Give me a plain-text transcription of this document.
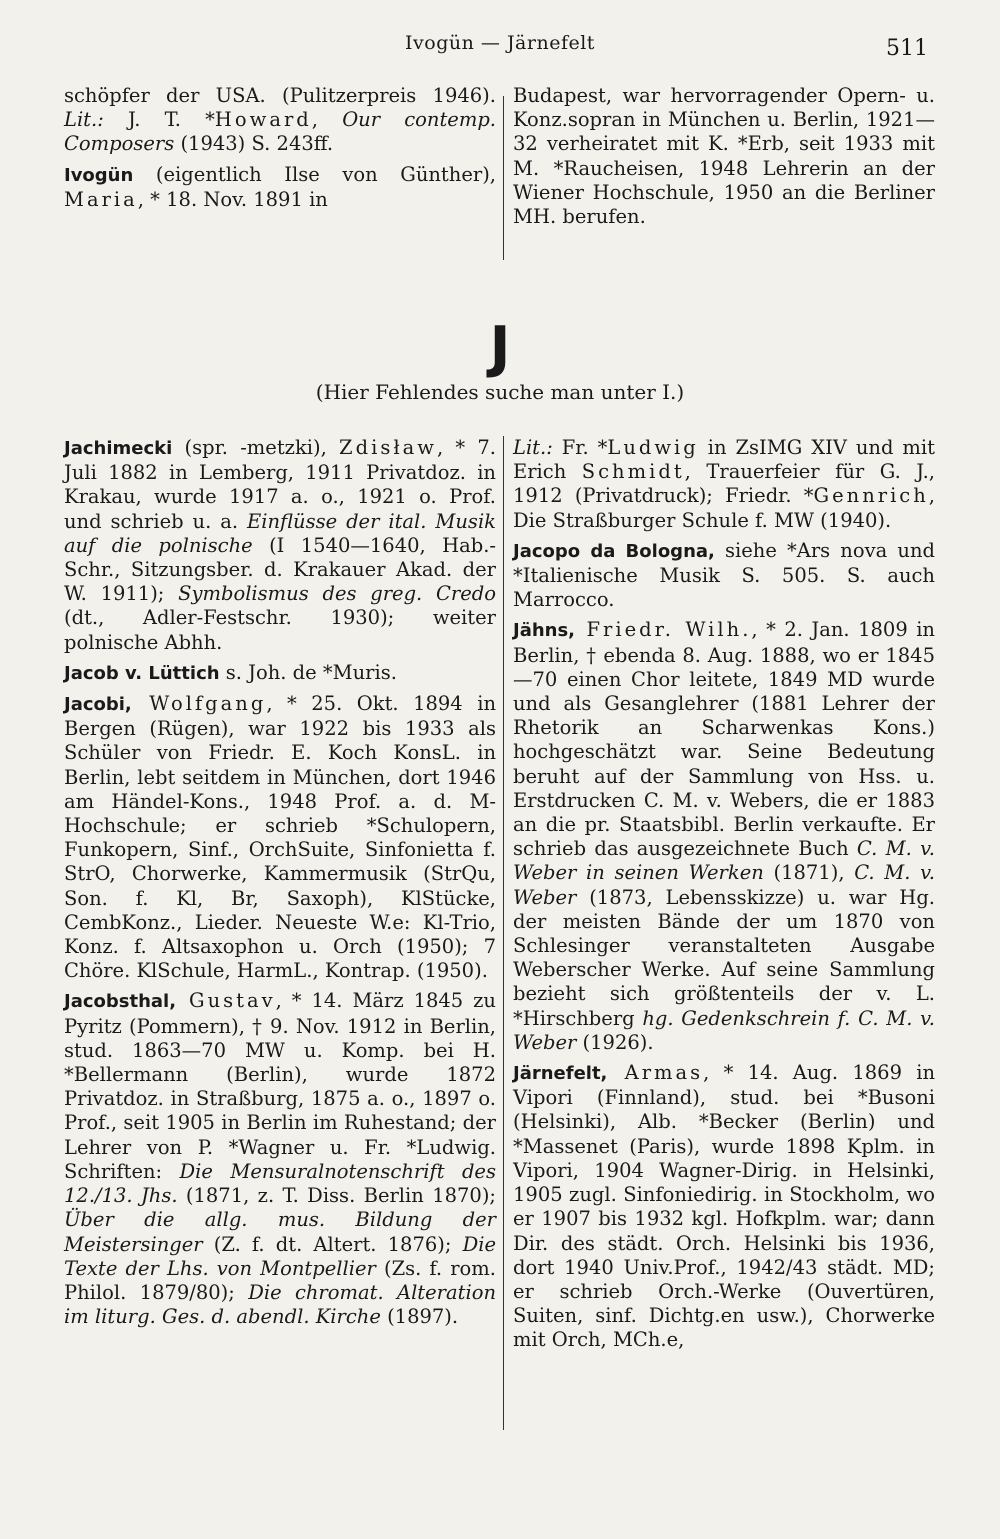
Ivogün — Järnefelt	511

schöpfer der USA. (Pulitzerpreis 1946). Lit.: J. T. *Howard, Our contemp. Composers (1943) S. 243ff.

Ivogün (eigentlich Ilse von Günther), Maria, * 18. Nov. 1891 in

Budapest, war hervorragender Opern- u. Konz.sopran in München u. Berlin, 1921—32 verheiratet mit K. *Erb, seit 1933 mit M. *Raucheisen, 1948 Lehrerin an der Wiener Hochschule, 1950 an die Berliner MH. berufen.

J
(Hier Fehlendes suche man unter I.)

Jachimecki (spr. -metzki), Zdisław, * 7. Juli 1882 in Lemberg, 1911 Privatdoz. in Krakau, wurde 1917 a. o., 1921 o. Prof. und schrieb u. a. Einflüsse der ital. Musik auf die polnische (I 1540—1640, Hab.-Schr., Sitzungsber. d. Krakauer Akad. der W. 1911); Symbolismus des greg. Credo (dt., Adler-Festschr. 1930); weiter polnische Abhh.

Jacob v. Lüttich s. Joh. de *Muris.

Jacobi, Wolfgang, * 25. Okt. 1894 in Bergen (Rügen), war 1922 bis 1933 als Schüler von Friedr. E. Koch KonsL. in Berlin, lebt seitdem in München, dort 1946 am Händel-Kons., 1948 Prof. a. d. M-Hochschule; er schrieb *Schulopern, Funkopern, Sinf., OrchSuite, Sinfonietta f. StrO, Chorwerke, Kammermusik (StrQu, Son. f. Kl, Br, Saxoph), KlStücke, CembKonz., Lieder. Neueste W.e: Kl-Trio, Konz. f. Altsaxophon u. Orch (1950); 7 Chöre. KlSchule, HarmL., Kontrap. (1950).

Jacobsthal, Gustav, * 14. März 1845 zu Pyritz (Pommern), † 9. Nov. 1912 in Berlin, stud. 1863—70 MW u. Komp. bei H. *Bellermann (Berlin), wurde 1872 Privatdoz. in Straßburg, 1875 a. o., 1897 o. Prof., seit 1905 in Berlin im Ruhestand; der Lehrer von P. *Wagner u. Fr. *Ludwig. Schriften: Die Mensuralnotenschrift des 12./13. Jhs. (1871, z. T. Diss. Berlin 1870); Über die allg. mus. Bildung der Meistersinger (Z. f. dt. Altert. 1876); Die Texte der Lhs. von Montpellier (Zs. f. rom. Philol. 1879/80); Die chromat. Alteration im liturg. Ges. d. abendl. Kirche (1897).

Lit.: Fr. *Ludwig in ZsIMG XIV und mit Erich Schmidt, Trauerfeier für G. J., 1912 (Privatdruck); Friedr. *Gennrich, Die Straßburger Schule f. MW (1940).

Jacopo da Bologna, siehe *Ars nova und *Italienische Musik S. 505. S. auch Marrocco.

Jähns, Friedr. Wilh., * 2. Jan. 1809 in Berlin, † ebenda 8. Aug. 1888, wo er 1845—70 einen Chor leitete, 1849 MD wurde und als Gesanglehrer (1881 Lehrer der Rhetorik an Scharwenkas Kons.) hochgeschätzt war. Seine Bedeutung beruht auf der Sammlung von Hss. u. Erstdrucken C. M. v. Webers, die er 1883 an die pr. Staatsbibl. Berlin verkaufte. Er schrieb das ausgezeichnete Buch C. M. v. Weber in seinen Werken (1871), C. M. v. Weber (1873, Lebensskizze) u. war Hg. der meisten Bände der um 1870 von Schlesinger veranstalteten Ausgabe Weberscher Werke. Auf seine Sammlung bezieht sich größtenteils der v. L. *Hirschberg hg. Gedenkschrein f. C. M. v. Weber (1926).

Järnefelt, Armas, * 14. Aug. 1869 in Vipori (Finnland), stud. bei *Busoni (Helsinki), Alb. *Becker (Berlin) und *Massenet (Paris), wurde 1898 Kplm. in Vipori, 1904 Wagner-Dirig. in Helsinki, 1905 zugl. Sinfoniedirig. in Stockholm, wo er 1907 bis 1932 kgl. Hofkplm. war; dann Dir. des städt. Orch. Helsinki bis 1936, dort 1940 Univ.Prof., 1942/43 städt. MD; er schrieb Orch.-Werke (Ouvertüren, Suiten, sinf. Dichtg.en usw.), Chorwerke mit Orch, MCh.e,
